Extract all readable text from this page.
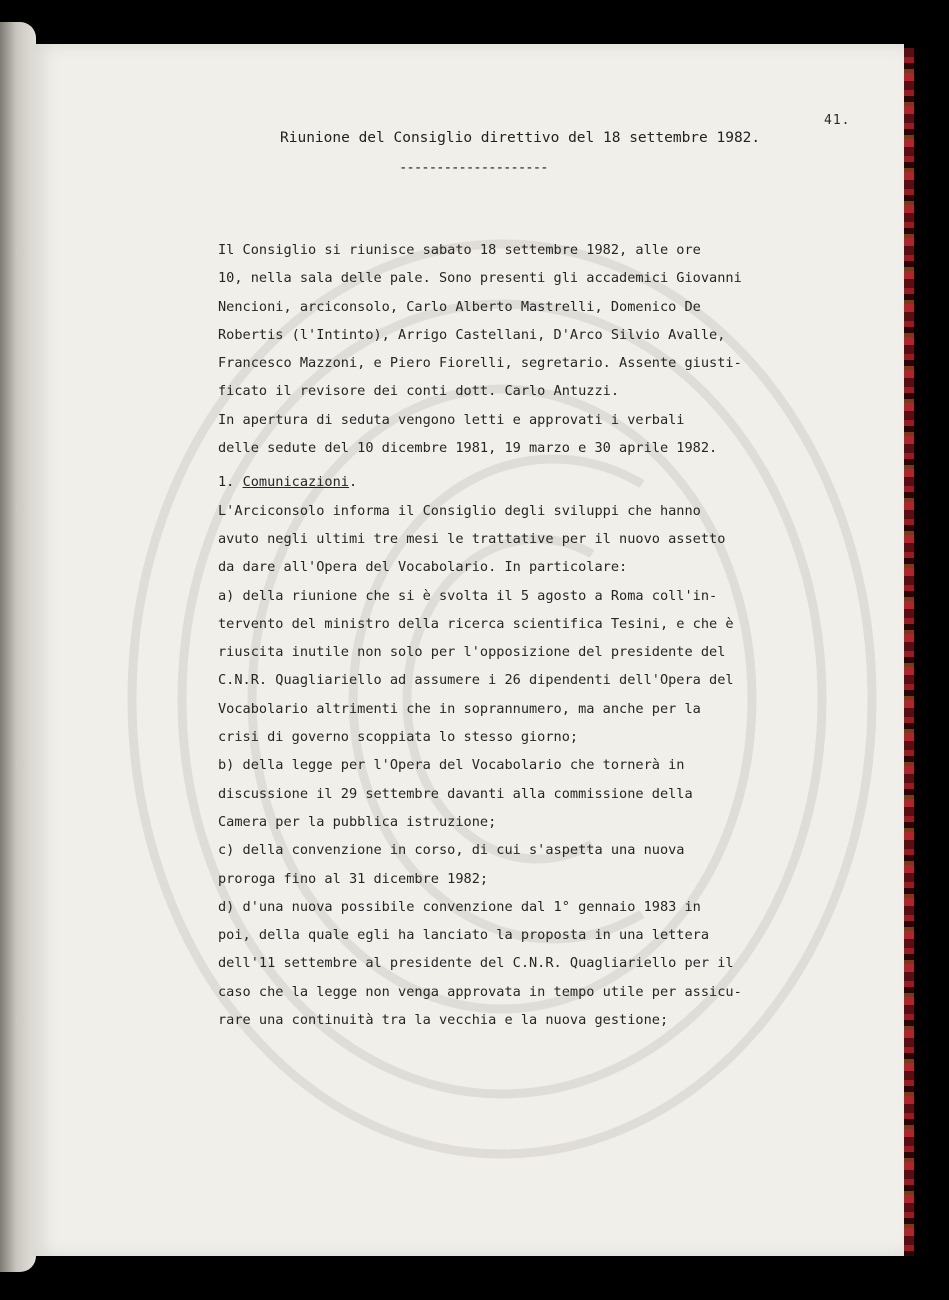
41.
Riunione del Consiglio direttivo del 18 settembre 1982.
--------------------
Il Consiglio si riunisce sabato 18 settembre 1982, alle ore
10, nella sala delle pale. Sono presenti gli accademici Giovanni
Nencioni, arciconsolo, Carlo Alberto Mastrelli, Domenico De
Robertis (l'Intinto), Arrigo Castellani, D'Arco Silvio Avalle,
Francesco Mazzoni, e Piero Fiorelli, segretario. Assente giusti-
ficato il revisore dei conti dott. Carlo Antuzzi.
In apertura di seduta vengono letti e approvati i verbali
delle sedute del 10 dicembre 1981, 19 marzo e 30 aprile 1982.
1. Comunicazioni.
L'Arciconsolo informa il Consiglio degli sviluppi che hanno
avuto negli ultimi tre mesi le trattative per il nuovo assetto
da dare all'Opera del Vocabolario. In particolare:
a) della riunione che si è svolta il 5 agosto a Roma coll'in-
tervento del ministro della ricerca scientifica Tesini, e che è
riuscita inutile non solo per l'opposizione del presidente del
C.N.R. Quagliariello ad assumere i 26 dipendenti dell'Opera del
Vocabolario altrimenti che in soprannumero, ma anche per la
crisi di governo scoppiata lo stesso giorno;
b) della legge per l'Opera del Vocabolario che tornerà in
discussione il 29 settembre davanti alla commissione della
Camera per la pubblica istruzione;
c) della convenzione in corso, di cui s'aspetta una nuova
proroga fino al 31 dicembre 1982;
d) d'una nuova possibile convenzione dal 1° gennaio 1983 in
poi, della quale egli ha lanciato la proposta in una lettera
dell'11 settembre al presidente del C.N.R. Quagliariello per il
caso che la legge non venga approvata in tempo utile per assicu-
rare una continuità tra la vecchia e la nuova gestione;
